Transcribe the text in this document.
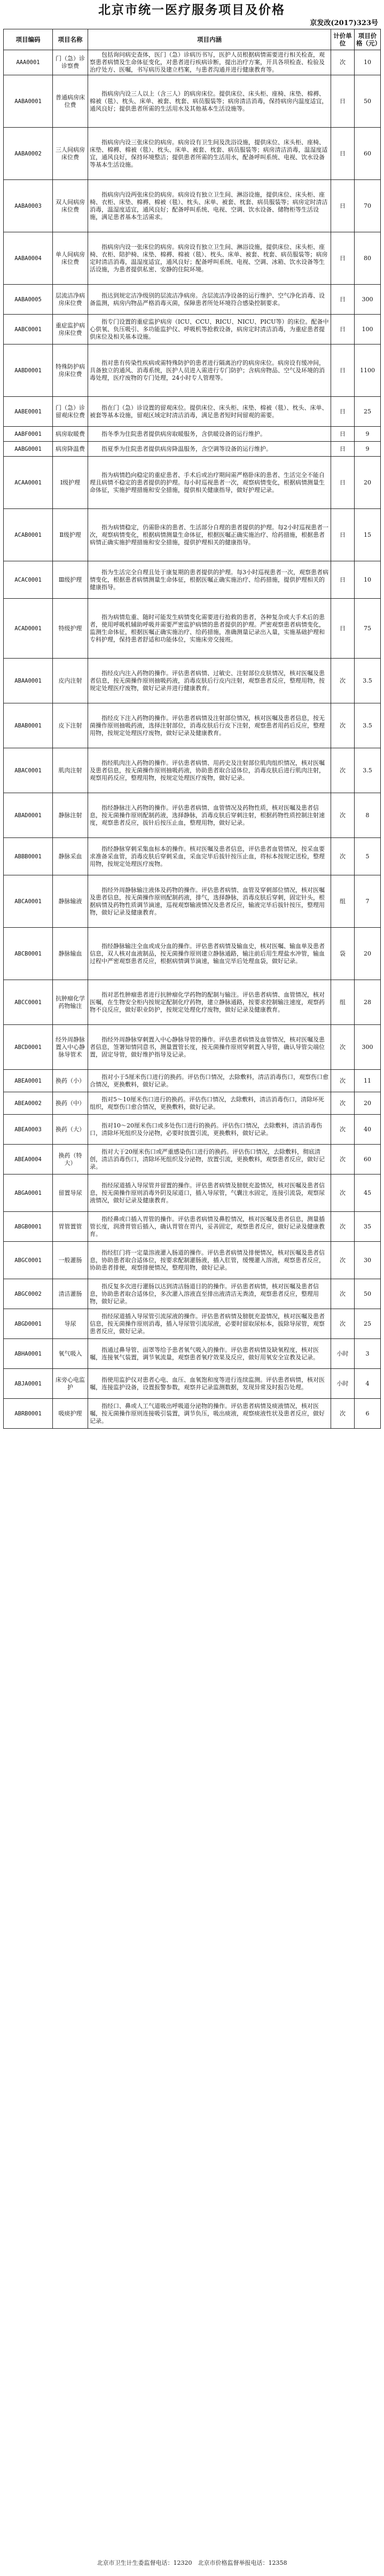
北京市统一医疗服务项目及价格
京发改(2017)323号
项目编码	项目名称	项目内涵	计价单位	项目价格（元）
AAA0001	门（急）诊诊察费	包括询问病史查体，医门（急）诊病历书写，医护人员根据病情需要进行相关检查，观察患者病情及生命体征变化，对患者进行疾病诊断，提出治疗方案，开具各项检查、检验及治疗处方、医嘱，书写病历及建立档案，与患者沟通并进行健康教育等。	次	10
AABA0001	普通病房床位费	指病房内设三人以上（含三人）的病房床位。提供床位、床头柜、座椅、床垫、棉褥、棉被（毯）、枕头、床单、被套、枕套、病员服装等；病房清洁消毒，保持病房内温度适宜，通风良好；提供患者所需的生活用水及其他基本生活设施等。	日	50
AABA0002	三人间病房床位费	指病房内设三张床位的病房。病房设有卫生间及洗浴设施，提供床位、床头柜、座椅、床垫、棉褥、棉被（毯）、枕头、床单、被套、枕套、病员服装等；病房清洁消毒，温湿度适宜，通风良好，保持环境整洁；提供患者所需的生活用水，配备呼叫系统、电视、饮水设备等基本生活设施。	日	60
AABA0003	双人间病房床位费	指病房内设两张床位的病房。病房设有独立卫生间、淋浴设施，提供床位、床头柜、座椅、衣柜、床垫、棉褥、棉被（毯）、枕头、床单、被套、枕套、病员服装等；病房定时清洁消毒，温湿度适宜，通风良好；配备呼叫系统、电视、空调、饮水设备、储物柜等生活设施，满足患者基本生活需求。	日	70
AABA0004	单人间病房床位费	指病房内设一张床位的病房。病房设有独立卫生间、淋浴设施，提供床位、床头柜、座椅、衣柜、陪护椅、床垫、棉褥、棉被（毯）、枕头、床单、被套、枕套、病员服装等；病房定时清洁消毒，温湿度适宜，通风良好；配备呼叫系统、电视、空调、冰箱、饮水设备等生活设施，为患者提供私密、安静的住院环境。	日	80
AABA0005	层流洁净病房床位费	指达到规定洁净级别的层流洁净病房。含层流洁净设备的运行维护、空气净化消毒、设备监测，病房内物品严格消毒灭菌，保障患者所处环境符合感染控制要求。	日	300
AABC0001	重症监护病房床位费	指专门设置的重症监护病房（ICU、CCU、RICU、NICU、PICU等）的床位。配备中心供氧、负压吸引、多功能监护仪、呼吸机等抢救设备，病房定时清洁消毒，为重症患者提供床位及相关基本设施。	日	100
AABD0001	特殊防护病房床位费	指对患有传染性疾病或需特殊防护的患者进行隔离治疗的病房床位。病房设有缓冲间，具备独立的通风、消毒系统，医护人员进入需进行专门防护；含病房物品、空气及环境的消毒处理，医疗废物的专门处理，24小时专人管理等。	日	1100
AABE0001	门（急）诊留观床位费	指在门（急）诊设置的留观床位。提供床位、床头柜、床垫、棉被（毯）、枕头、床单、被套等基本设施，留观区域定时清洁消毒，满足患者短时间留观的需要。	日	25
AABF0001	病房取暖费	指冬季为住院患者提供病房取暖服务，含供暖设备的运行维护。	日	9
AABG0001	病房降温费	指夏季为住院患者提供病房降温服务，含空调等设备的运行维护。	日	9
ACAA0001	Ⅰ级护理	指为病情趋向稳定的重症患者、手术后或治疗期间需严格卧床的患者、生活完全不能自理且病情不稳定的患者提供的护理。每小时巡视患者一次，观察病情变化，根据病情测量生命体征，实施护理措施和安全措施，提供相关健康指导，做好护理记录。	日	20
ACAB0001	Ⅱ级护理	指为病情稳定，仍需卧床的患者、生活部分自理的患者提供的护理。每2小时巡视患者一次，观察病情变化，根据病情测量生命体征，根据医嘱正确实施治疗、给药措施，根据患者病情正确实施护理措施和安全措施，提供护理相关的健康指导。	日	15
ACAC0001	Ⅲ级护理	指为生活完全自理且处于康复期的患者提供的护理。每3小时巡视患者一次，观察患者病情变化，根据患者病情测量生命体征，根据医嘱正确实施治疗、给药措施，提供护理相关的健康指导。	日	10
ACAD0001	特级护理	指为病情危重、随时可能发生病情变化需要进行抢救的患者，各种复杂或大手术后的患者，使用呼吸机辅助呼吸并需要严密监护病情的患者提供的护理。严密观察患者病情变化，监测生命体征，根据医嘱正确实施治疗、给药措施，准确测量记录出入量，实施基础护理和专科护理，保持患者舒适和功能体位，实施床旁交接班。	日	75
ABAA0001	皮内注射	指经皮内注入药物的操作。评估患者病情、过敏史、注射部位皮肤情况，核对医嘱及患者信息，按无菌操作原则抽吸药液，消毒皮肤后行皮内注射，观察患者反应，整理用物，按规定处理医疗废物，做好记录并进行健康教育。	次	3.5
ABAB0001	皮下注射	指经皮下注入药物的操作。评估患者病情及注射部位情况，核对医嘱及患者信息，按无菌操作原则抽吸药液，选择注射部位，消毒皮肤后行皮下注射，观察患者用药后反应，整理用物，按规定处理医疗废物，做好记录及健康教育。	次	3.5
ABAC0001	肌肉注射	指经肌肉注入药物的操作。评估患者病情、用药史及注射部位肌肉组织情况，核对医嘱及患者信息，按无菌操作原则抽吸药液，协助患者取合适体位，消毒皮肤后进行肌肉注射，观察用药反应，整理用物，按规定处理医疗废物，做好记录。	次	3.5
ABAD0001	静脉注射	指经静脉注入药物的操作。评估患者病情、血管情况及药物性质，核对医嘱及患者信息，按无菌操作原则配制药液，选择静脉，消毒皮肤后穿刺注射，根据药物性质控制注射速度，观察患者反应，拔针后按压止血，整理用物，做好记录。	次	8
ABBB0001	静脉采血	指经静脉穿刺采集血标本的操作。核对医嘱及患者信息，评估患者血管情况，按采血要求准备采血管，消毒皮肤后穿刺采血，采血完毕后拔针按压止血，将标本按规定送检，整理用物，按规定处理医疗废物。	次	5
ABCA0001	静脉输液	指经外周静脉输注液体及药物的操作。评估患者病情、血管及穿刺部位情况，核对医嘱及患者信息，按无菌操作原则配制药液，排气，选择静脉，消毒皮肤后穿刺，固定针头，根据病情及药物性质调节滴速，巡视观察输液情况及患者反应，输液完毕后拔针按压，整理用物，做好记录及健康教育。	组	7
ABCB0001	静脉输血	指经静脉输注全血或成分血的操作。评估患者病情及输血史，核对医嘱、输血单及患者信息，双人核对血液制品，按无菌操作原则建立静脉通路，输注前后用生理盐水冲管，输血过程中严密观察患者反应，根据病情调节滴速，输血完毕后处理血袋，做好记录。	袋	20
ABCC0001	抗肿瘤化学药物输注	指对恶性肿瘤患者进行抗肿瘤化学药物的配制与输注。评估患者病情、血管情况，核对医嘱，在生物安全柜内按规定配制化疗药物，建立静脉通路，按要求控制输注速度，观察药物不良反应，做好职业防护，按规定处理化疗废物，做好记录及健康教育。	组	28
ABCD0001	经外周静脉置入中心静脉导管术	指经外周静脉穿刺置入中心静脉导管的操作。评估患者病情及血管情况，核对医嘱及患者信息，签署知情同意书，测量置管长度，按无菌操作原则穿刺置入导管，确认导管尖端位置，固定导管，做好维护指导及记录。	次	300
ABEA0001	换药（小）	指对小于5厘米伤口进行的换药。评估伤口情况，去除敷料，清洁消毒伤口，观察伤口愈合情况，更换敷料，做好记录。	次	11
ABEA0002	换药（中）	指对5～10厘米伤口进行的换药。评估伤口情况，去除敷料，清洁消毒伤口，清除坏死组织，观察伤口愈合情况，更换敷料，做好记录。	次	20
ABEA0003	换药（大）	指对10～20厘米伤口或多处伤口进行的换药。评估伤口情况，去除敷料，清洁消毒伤口，清除坏死组织及分泌物，必要时放置引流，更换敷料，做好记录。	次	40
ABEA0004	换药（特大）	指对大于20厘米伤口或严重感染伤口进行的换药。评估伤口情况，去除敷料，彻底清创，清洁消毒伤口，清除坏死组织及分泌物，放置引流，更换敷料，观察患者反应，做好记录。	次	60
ABGA0001	留置导尿	指经尿道插入导尿管并留置的操作。评估患者病情及膀胱充盈情况，核对医嘱及患者信息，按无菌操作原则消毒外阴及尿道口，插入导尿管，气囊注水固定，连接引流袋，观察尿液情况，做好记录及健康教育。	次	45
ABGB0001	胃管置管	指经鼻或口插入胃管的操作。评估患者病情及鼻腔情况，核对医嘱及患者信息，测量插管长度，润滑胃管后插入，确认胃管在胃内，妥善固定，观察患者反应，做好记录及健康教育。	次	35
ABGC0001	一般灌肠	指经肛门将一定量溶液灌入肠道的操作。评估患者病情及排便情况，核对医嘱及患者信息，协助患者取合适体位，按要求配制灌肠液，插入肛管，缓慢灌入溶液，观察患者反应，协助患者排便，观察排便情况，整理用物，做好记录。	次	30
ABGC0002	清洁灌肠	指反复多次进行灌肠以达到清洁肠道目的的操作。评估患者病情，核对医嘱及患者信息，协助患者取合适体位，多次灌入溶液直至排出液清洁无粪渣，观察患者反应，整理用物，做好记录。	次	50
ABGD0001	导尿	指经尿道插入导尿管引流尿液的操作。评估患者病情及膀胱充盈情况，核对医嘱及患者信息，按无菌操作原则消毒，插入导尿管引流尿液，必要时留取尿标本，拔除导尿管，观察患者反应，做好记录。	次	25
ABHA0001	氧气吸入	指通过鼻导管、面罩等给予患者氧气吸入的操作。评估患者病情及缺氧程度，核对医嘱，连接氧气装置，调节氧流量，观察患者氧疗效果及反应，做好用氧安全宣教及记录。	小时	3
ABJA0001	床旁心电监护	指使用监护仪对患者心电、血压、血氧饱和度等进行连续监测。评估患者病情，核对医嘱，连接监护设备，设置报警参数，观察并记录监测数据，发现异常及时报告处理。	小时	4
ABRB0001	吸痰护理	指经口、鼻或人工气道吸出呼吸道分泌物的操作。评估患者病情及痰液情况，核对医嘱，按无菌操作原则连接吸引装置，调节负压，吸出痰液，观察痰液性状及患者反应，做好记录。	次	6
北京市卫生计生委监督电话：12320　北京市价格监督举报电话：12358
